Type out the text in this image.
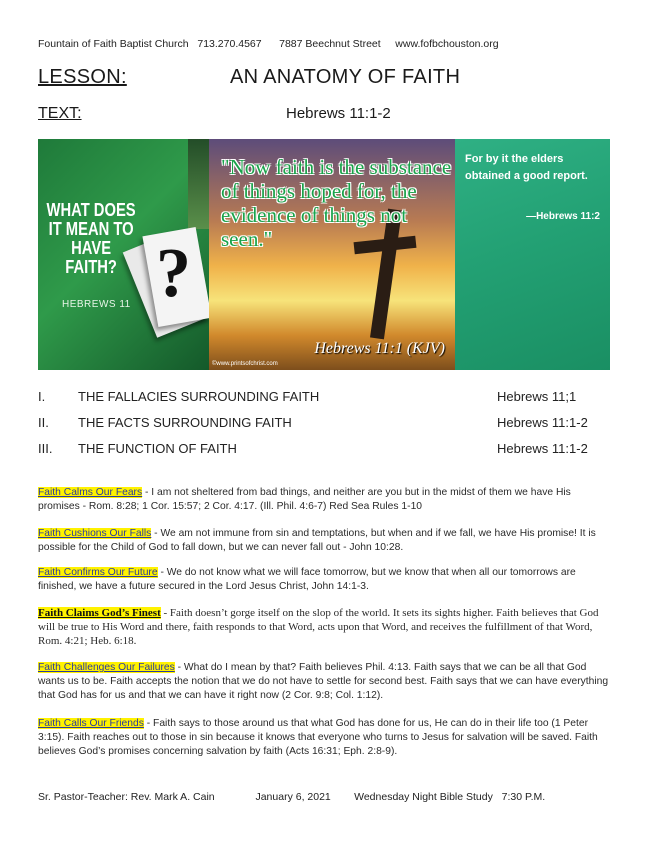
Fountain of Faith Baptist Church 713.270.4567 7887 Beechnut Street www.fofbchouston.org
LESSON:	AN ANATOMY OF FAITH
TEXT:	Hebrews 11:1-2
?
WHAT DOES IT MEAN TO HAVE FAITH?
HEBREWS 11
"Now faith is the substance of things hoped for, the evidence of things not seen."
Hebrews 11:1 (KJV)
©www.printsofchrist.com
For by it the elders obtained a good report.
—Hebrews 11:2
I.	THE FALLACIES SURROUNDING FAITH	Hebrews 11;1
II.	THE FACTS SURROUNDING FAITH	Hebrews 11:1-2
III.	THE FUNCTION OF FAITH	Hebrews 11:1-2
Faith Calms Our Fears - I am not sheltered from bad things, and neither are you but in the midst of them we have His promises - Rom. 8:28; 1 Cor. 15:57; 2 Cor. 4:17. (Ill. Phil. 4:6-7) Red Sea Rules 1-10
Faith Cushions Our Falls - We am not immune from sin and temptations, but when and if we fall, we have His promise! It is possible for the Child of God to fall down, but we can never fall out - John 10:28.
Faith Confirms Our Future - We do not know what we will face tomorrow, but we know that when all our tomorrows are finished, we have a future secured in the Lord Jesus Christ, John 14:1-3.
Faith Claims God’s Finest - Faith doesn’t gorge itself on the slop of the world. It sets its sights higher. Faith believes that God will be true to His Word and there, faith responds to that Word, acts upon that Word, and receives the fulfillment of that Word, Rom. 4:21; Heb. 6:18.
Faith Challenges Our Failures - What do I mean by that? Faith believes Phil. 4:13. Faith says that we can be all that God wants us to be. Faith accepts the notion that we do not have to settle for second best. Faith says that we can have everything that God has for us and that we can have it right now (2 Cor. 9:8; Col. 1:12).
Faith Calls Our Friends - Faith says to those around us that what God has done for us, He can do in their life too (1 Peter 3:15). Faith reaches out to those in sin because it knows that everyone who turns to Jesus for salvation will be saved. Faith believes God’s promises concerning salvation by faith (Acts 16:31; Eph. 2:8-9).
Sr. Pastor-Teacher: Rev. Mark A. Cain	January 6, 2021 Wednesday Night Bible Study 7:30 P.M.
